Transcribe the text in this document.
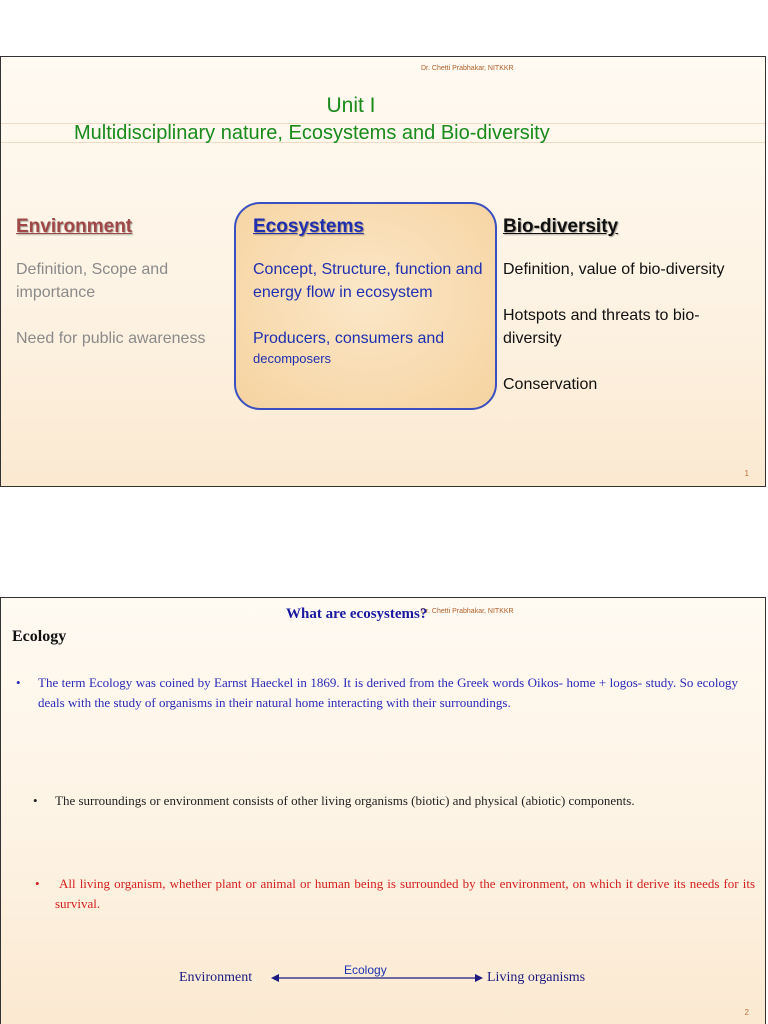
Dr. Chetti Prabhakar, NITKKR
Unit I
Multidisciplinary nature, Ecosystems and Bio-diversity
Environment
Definition, Scope and importance
Need for public awareness
Ecosystems
Concept, Structure, function and energy flow in ecosystem
Producers, consumers and
decomposers
Bio-diversity
Definition, value of bio-diversity
Hotspots and threats to bio-diversity
Conservation
1
Dr. Chetti Prabhakar, NITKKR
What are ecosystems?
Ecology
• The term Ecology was coined by Earnst Haeckel in 1869. It is derived from the Greek words Oikos- home + logos- study. So ecology deals with the study of organisms in their natural home interacting with their surroundings.
• The surroundings or environment consists of other living organisms (biotic) and physical (abiotic) components.
• All living organism, whether plant or animal or human being is surrounded by the environment, on which it derive its needs for its survival.
Environment	Ecology	Living organisms
2
